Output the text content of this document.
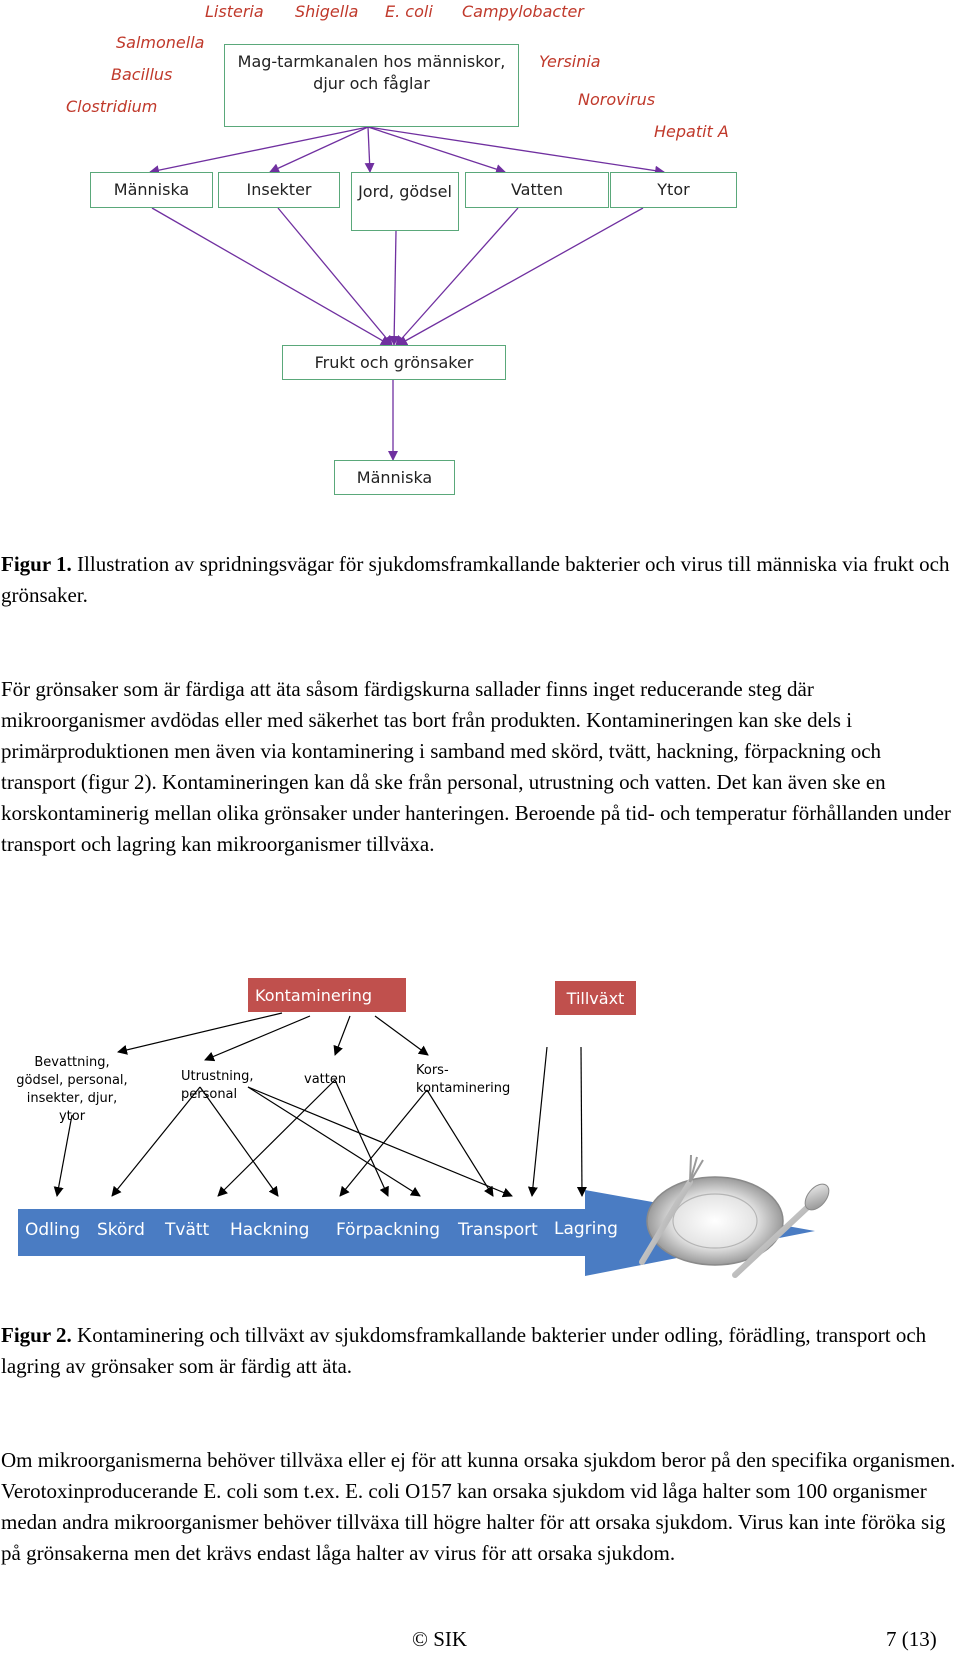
Listeria Shigella E. coli Campylobacter
Salmonella
Bacillus
Clostridium
Yersinia
Norovirus
Hepatit A
Mag-tarmkanalen hos människor,
djur och fåglar
Människa	Insekter	Jord, gödsel	Vatten	Ytor
Frukt och grönsaker
Människa
Figur 1. Illustration av spridningsvägar för sjukdomsframkallande bakterier och virus till människa via frukt och grönsaker.
För grönsaker som är färdiga att äta såsom färdigskurna sallader finns inget reducerande steg där mikroorganismer avdödas eller med säkerhet tas bort från produkten. Kontamineringen kan ske dels i primärproduktionen men även via kontaminering i samband med skörd, tvätt, hackning, förpackning och transport (figur 2). Kontamineringen kan då ske från personal, utrustning och vatten. Det kan även ske en korskontaminerig mellan olika grönsaker under hanteringen. Beroende på tid- och temperatur förhållanden under transport och lagring kan mikroorganismer tillväxa.
Kontaminering	Tillväxt
Bevattning,
gödsel, personal,
insekter, djur, ytor
Utrustning,
personal
vatten
Kors-
kontaminering
Odling Skörd Tvätt Hackning Förpackning Transport Lagring
Figur 2. Kontaminering och tillväxt av sjukdomsframkallande bakterier under odling, förädling, transport och lagring av grönsaker som är färdig att äta.
Om mikroorganismerna behöver tillväxa eller ej för att kunna orsaka sjukdom beror på den specifika organismen. Verotoxinproducerande E. coli som t.ex. E. coli O157 kan orsaka sjukdom vid låga halter som 100 organismer medan andra mikroorganismer behöver tillväxa till högre halter för att orsaka sjukdom. Virus kan inte föröka sig på grönsakerna men det krävs endast låga halter av virus för att orsaka sjukdom.
© SIK	7 (13)
